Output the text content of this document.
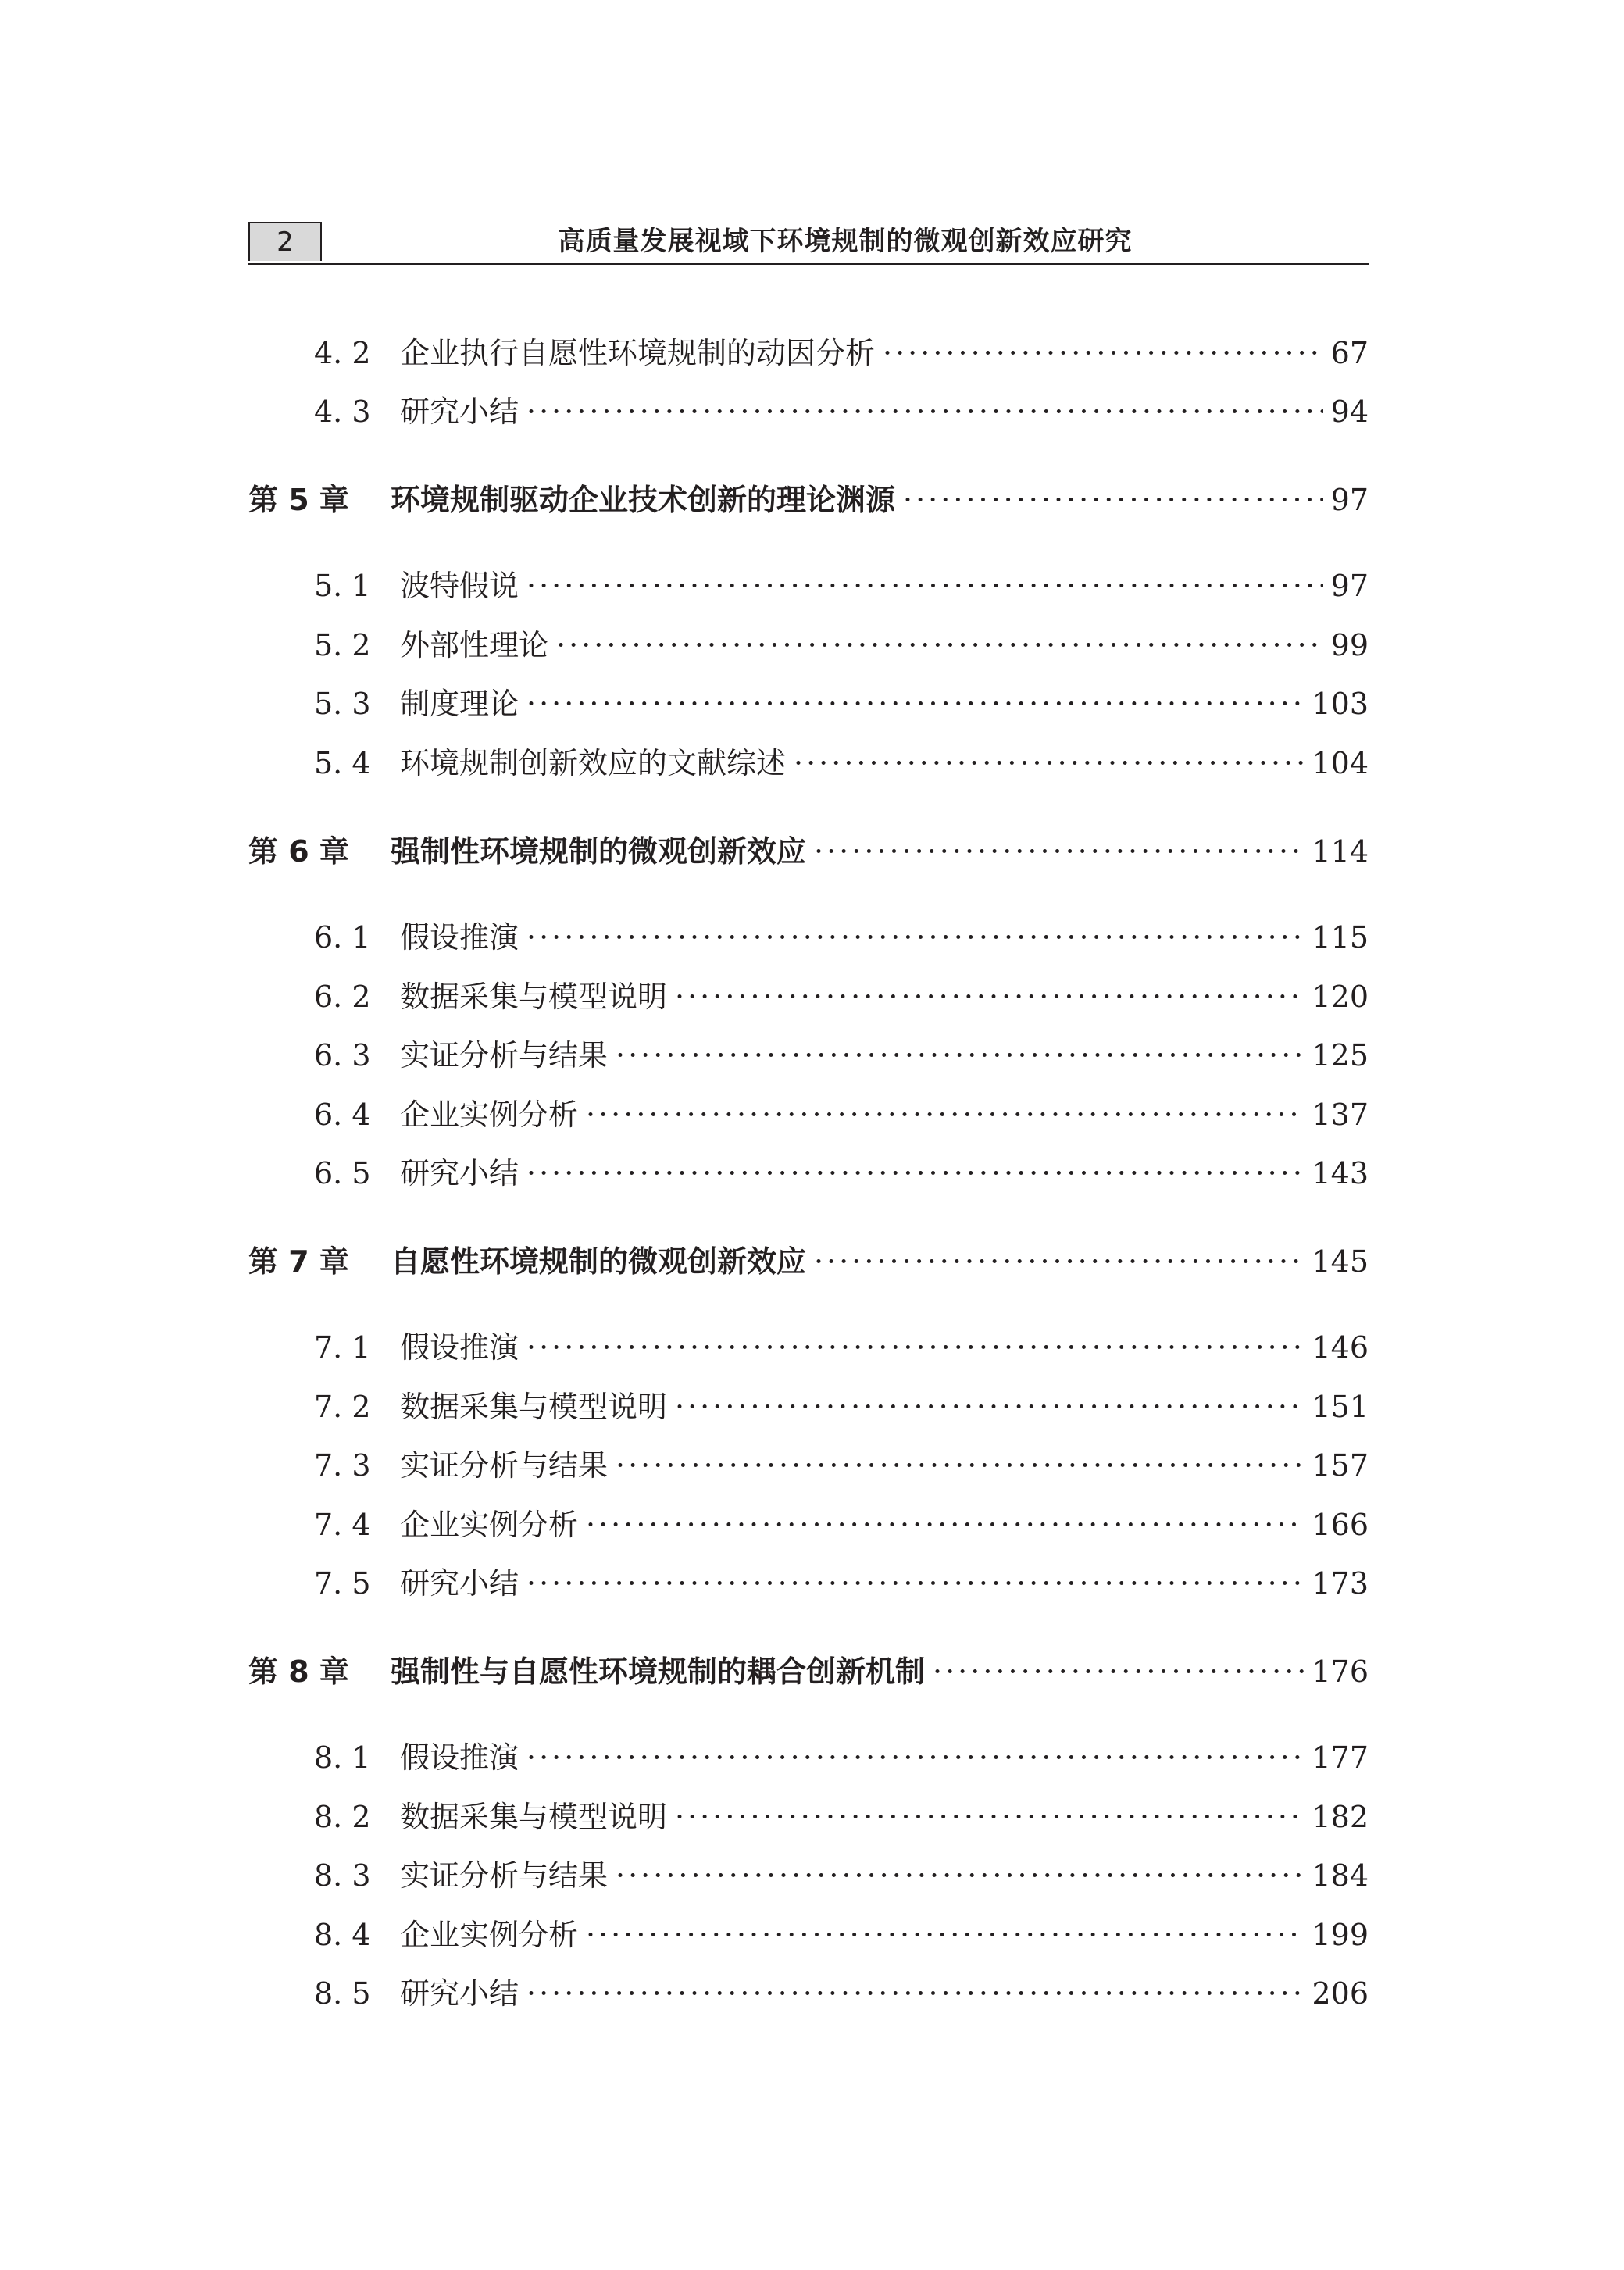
2	高质量发展视域下环境规制的微观创新效应研究
4. 2 企业执行自愿性环境规制的动因分析 ·····	67
4. 3 研究小结 ·····	94
第 5 章	环境规制驱动企业技术创新的理论渊源 ·····	97
5. 1 波特假说 ·····	97
5. 2 外部性理论 ·····	99
5. 3 制度理论 ·····	103
5. 4 环境规制创新效应的文献综述 ·····	104
第 6 章	强制性环境规制的微观创新效应 ·····	114
6. 1 假设推演 ·····	115
6. 2 数据采集与模型说明 ·····	120
6. 3 实证分析与结果 ·····	125
6. 4 企业实例分析 ·····	137
6. 5 研究小结 ·····	143
第 7 章	自愿性环境规制的微观创新效应 ·····	145
7. 1 假设推演 ·····	146
7. 2 数据采集与模型说明 ·····	151
7. 3 实证分析与结果 ·····	157
7. 4 企业实例分析 ·····	166
7. 5 研究小结 ·····	173
第 8 章	强制性与自愿性环境规制的耦合创新机制 ·····	176
8. 1 假设推演 ·····	177
8. 2 数据采集与模型说明 ·····	182
8. 3 实证分析与结果 ·····	184
8. 4 企业实例分析 ·····	199
8. 5 研究小结 ·····	206
